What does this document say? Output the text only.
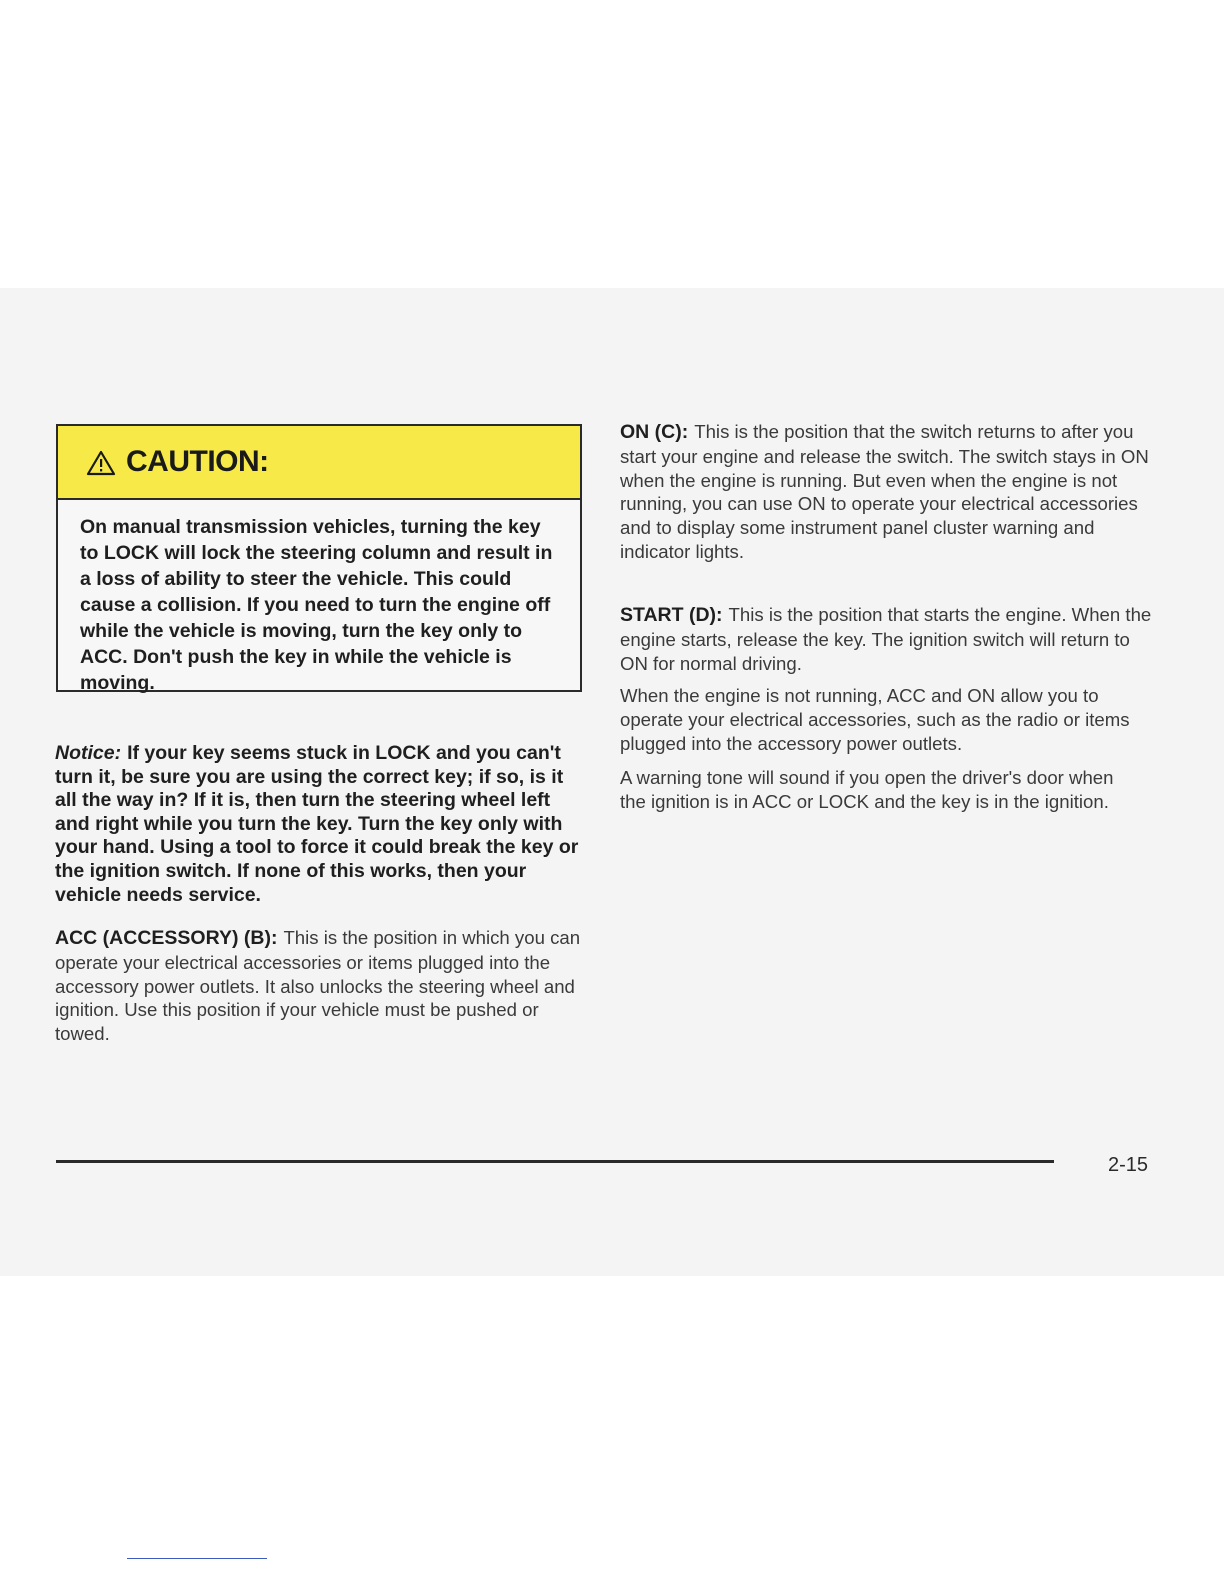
CAUTION:
On manual transmission vehicles, turning the key to LOCK will lock the steering column and result in a loss of ability to steer the vehicle. This could cause a collision. If you need to turn the engine off while the vehicle is moving, turn the key only to ACC. Don't push the key in while the vehicle is moving.
Notice: If your key seems stuck in LOCK and you can't turn it, be sure you are using the correct key; if so, is it all the way in? If it is, then turn the steering wheel left and right while you turn the key. Turn the key only with your hand. Using a tool to force it could break the key or the ignition switch. If none of this works, then your vehicle needs service.
ACC (ACCESSORY) (B): This is the position in which you can operate your electrical accessories or items plugged into the accessory power outlets. It also unlocks the steering wheel and ignition. Use this position if your vehicle must be pushed or towed.
ON (C): This is the position that the switch returns to after you start your engine and release the switch. The switch stays in ON when the engine is running. But even when the engine is not running, you can use ON to operate your electrical accessories and to display some instrument panel cluster warning and indicator lights.
START (D): This is the position that starts the engine. When the engine starts, release the key. The ignition switch will return to ON for normal driving.
When the engine is not running, ACC and ON allow you to operate your electrical accessories, such as the radio or items plugged into the accessory power outlets.
A warning tone will sound if you open the driver's door when the ignition is in ACC or LOCK and the key is in the ignition.
2-15
